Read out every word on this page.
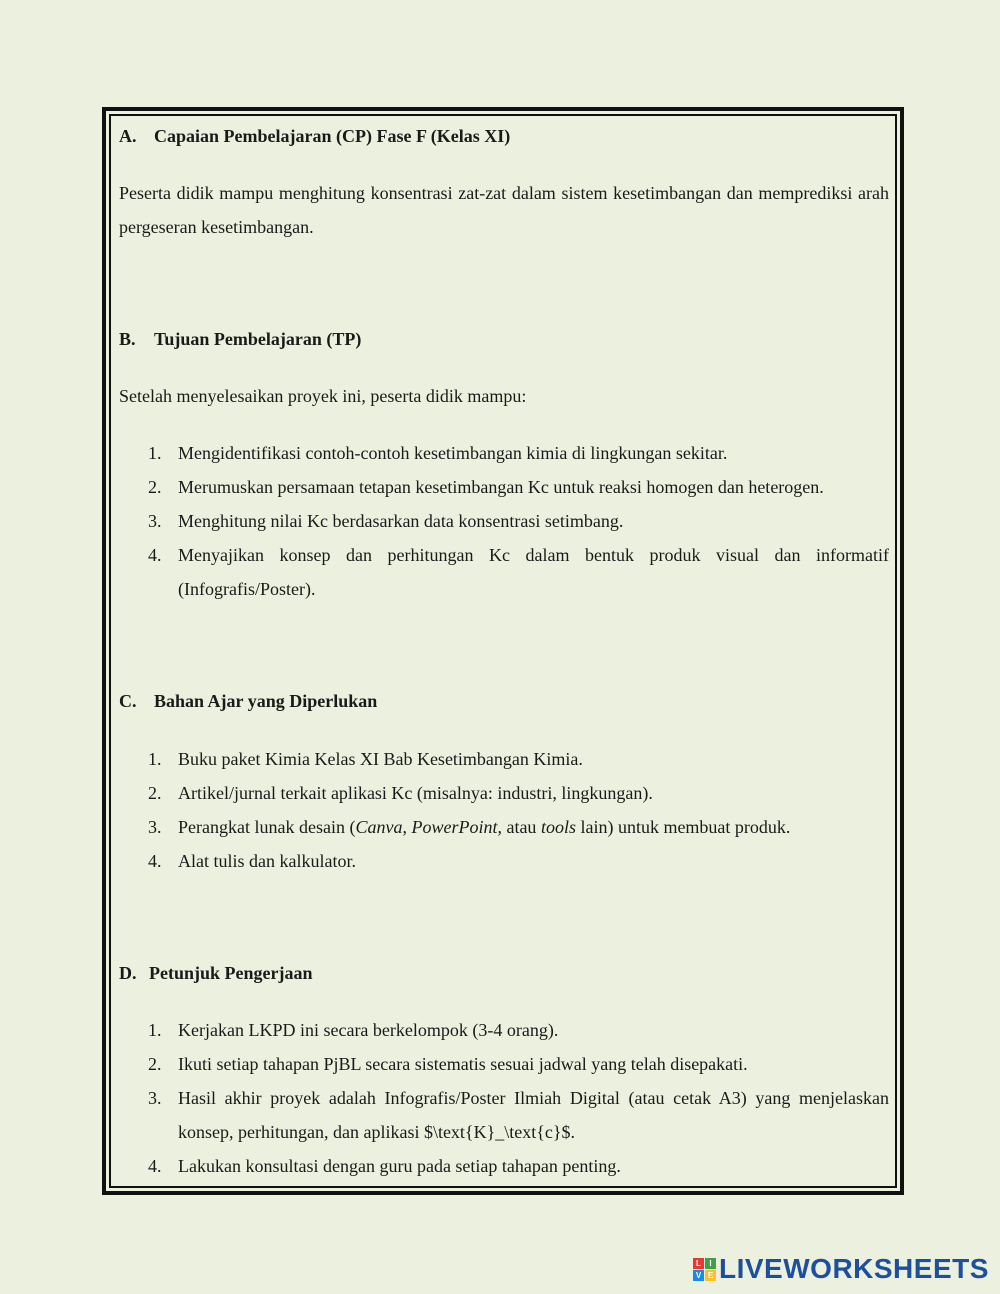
A. Capaian Pembelajaran (CP) Fase F (Kelas XI)

Peserta didik mampu menghitung konsentrasi zat-zat dalam sistem kesetimbangan dan memprediksi arah pergeseran kesetimbangan.

B. Tujuan Pembelajaran (TP)

Setelah menyelesaikan proyek ini, peserta didik mampu:

1. Mengidentifikasi contoh-contoh kesetimbangan kimia di lingkungan sekitar.
2. Merumuskan persamaan tetapan kesetimbangan Kc untuk reaksi homogen dan heterogen.
3. Menghitung nilai Kc berdasarkan data konsentrasi setimbang.
4. Menyajikan konsep dan perhitungan Kc dalam bentuk produk visual dan informatif (Infografis/Poster).
C. Bahan Ajar yang Diperlukan
1. Buku paket Kimia Kelas XI Bab Kesetimbangan Kimia.
2. Artikel/jurnal terkait aplikasi Kc (misalnya: industri, lingkungan).
3. Perangkat lunak desain (Canva, PowerPoint, atau tools lain) untuk membuat produk.
4. Alat tulis dan kalkulator.
D. Petunjuk Pengerjaan
1. Kerjakan LKPD ini secara berkelompok (3-4 orang).
2. Ikuti setiap tahapan PjBL secara sistematis sesuai jadwal yang telah disepakati.
3. Hasil akhir proyek adalah Infografis/Poster Ilmiah Digital (atau cetak A3) yang menjelaskan konsep, perhitungan, dan aplikasi $\text{K}_\text{c}$.
4. Lakukan konsultasi dengan guru pada setiap tahapan penting.
L	I
V E LIVEWORKSHEETS
